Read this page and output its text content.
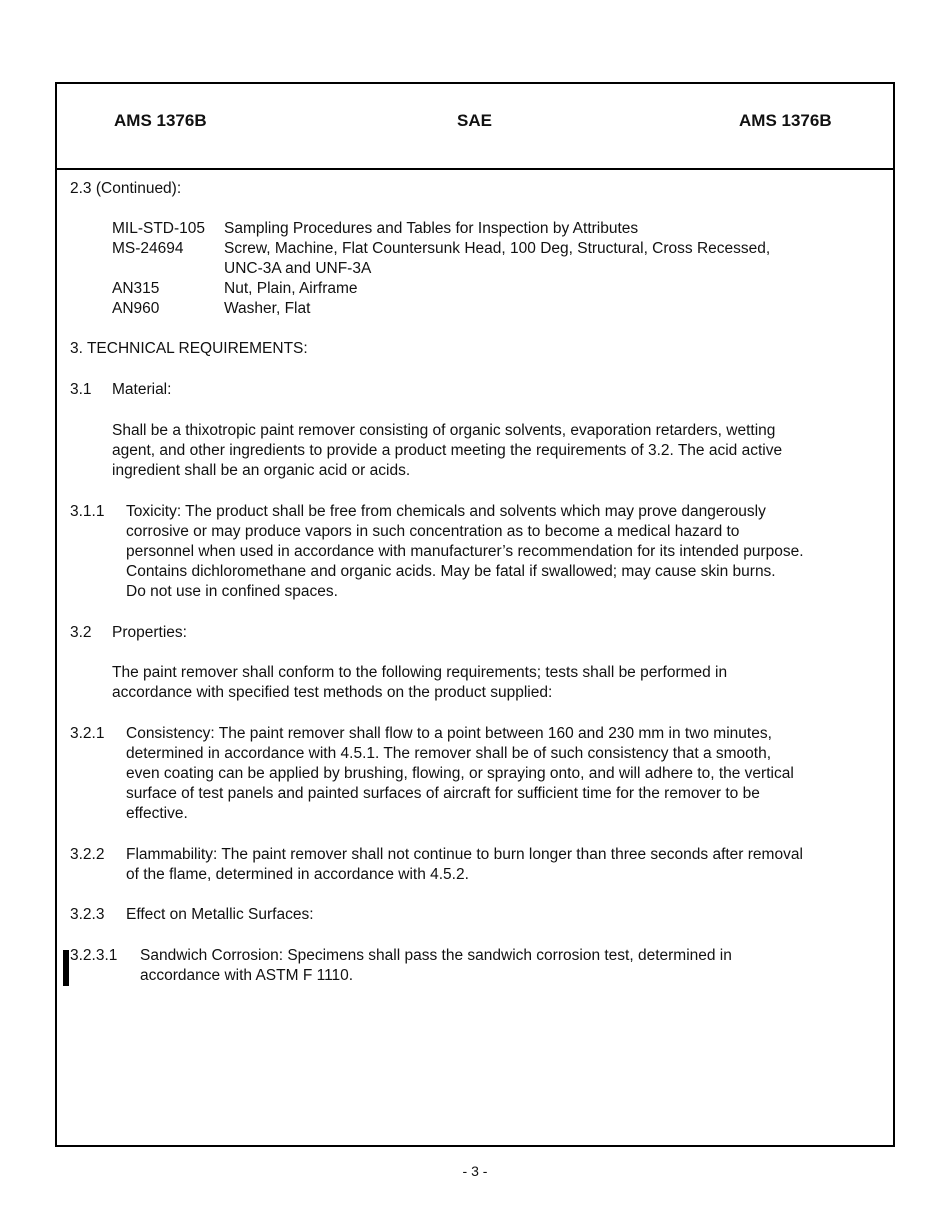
AMS 1376B	SAE	AMS 1376B
2.3 (Continued):
MIL-STD-105 Sampling Procedures and Tables for Inspection by Attributes
MS-24694	Screw, Machine, Flat Countersunk Head, 100 Deg, Structural, Cross Recessed,
UNC-3A and UNF-3A
AN315	Nut, Plain, Airframe
AN960	Washer, Flat
3. TECHNICAL REQUIREMENTS:
3.1 Material:
Shall be a thixotropic paint remover consisting of organic solvents, evaporation retarders, wetting
agent, and other ingredients to provide a product meeting the requirements of 3.2. The acid active
ingredient shall be an organic acid or acids.
3.1.1 Toxicity: The product shall be free from chemicals and solvents which may prove dangerously
corrosive or may produce vapors in such concentration as to become a medical hazard to
personnel when used in accordance with manufacturer’s recommendation for its intended purpose.
Contains dichloromethane and organic acids. May be fatal if swallowed; may cause skin burns.
Do not use in confined spaces.
3.2 Properties:
The paint remover shall conform to the following requirements; tests shall be performed in
accordance with specified test methods on the product supplied:
3.2.1 Consistency: The paint remover shall flow to a point between 160 and 230 mm in two minutes,
determined in accordance with 4.5.1. The remover shall be of such consistency that a smooth,
even coating can be applied by brushing, flowing, or spraying onto, and will adhere to, the vertical
surface of test panels and painted surfaces of aircraft for sufficient time for the remover to be
effective.
3.2.2 Flammability: The paint remover shall not continue to burn longer than three seconds after removal
of the flame, determined in accordance with 4.5.2.
3.2.3 Effect on Metallic Surfaces:
3.2.3.1 Sandwich Corrosion: Specimens shall pass the sandwich corrosion test, determined in
accordance with ASTM F 1110.
- 3 -
